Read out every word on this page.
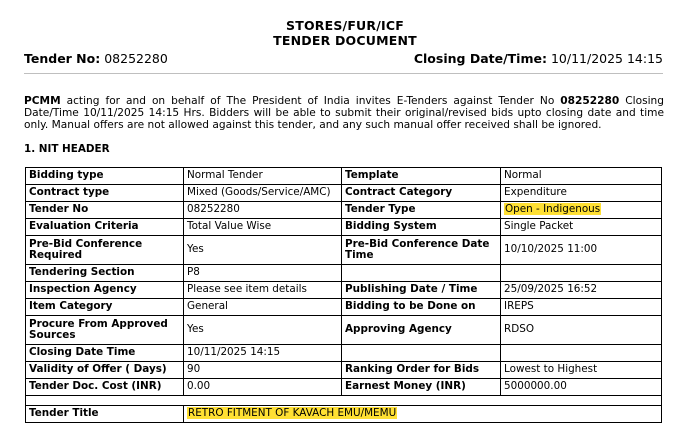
STORES/FUR/ICF
TENDER DOCUMENT
Tender No: 08252280	Closing Date/Time: 10/11/2025 14:15
PCMM acting for and on behalf of The President of India invites E-Tenders against Tender No 08252280 Closing Date/Time 10/11/2025 14:15 Hrs. Bidders will be able to submit their original/revised bids upto closing date and time only. Manual offers are not allowed against this tender, and any such manual offer received shall be ignored.
1. NIT HEADER
Bidding type	Normal Tender	Template	Normal
Contract type	Mixed (Goods/Service/AMC)	Contract Category	Expenditure
Tender No	08252280	Tender Type	Open - Indigenous
Evaluation Criteria	Total Value Wise	Bidding System	Single Packet
Pre-Bid Conference Required	Yes	Pre-Bid Conference Date Time	10/10/2025 11:00
Tendering Section	P8		
Inspection Agency	Please see item details	Publishing Date / Time	25/09/2025 16:52
Item Category	General	Bidding to be Done on	IREPS
Procure From Approved Sources	Yes	Approving Agency	RDSO
Closing Date Time	10/11/2025 14:15		
Validity of Offer ( Days)	90	Ranking Order for Bids	Lowest to Highest
Tender Doc. Cost (INR)	0.00	Earnest Money (INR)	5000000.00

Tender Title	RETRO FITMENT OF KAVACH EMU/MEMU		
